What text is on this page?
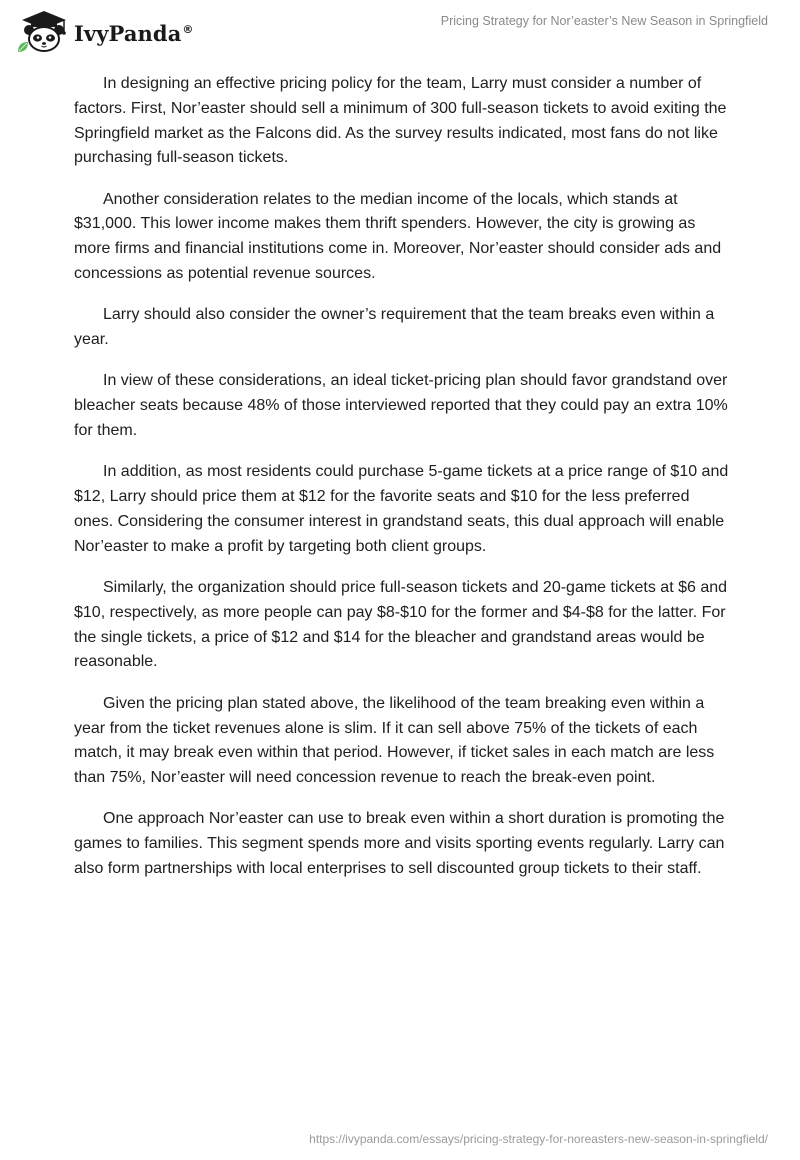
IvyPanda®
Pricing Strategy for Nor’easter’s New Season in Springfield

In designing an effective pricing policy for the team, Larry must consider a number of factors. First, Nor’easter should sell a minimum of 300 full-season tickets to avoid exiting the Springfield market as the Falcons did. As the survey results indicated, most fans do not like purchasing full-season tickets.

Another consideration relates to the median income of the locals, which stands at $31,000. This lower income makes them thrift spenders. However, the city is growing as more firms and financial institutions come in. Moreover, Nor’easter should consider ads and concessions as potential revenue sources.

Larry should also consider the owner’s requirement that the team breaks even within a year.

In view of these considerations, an ideal ticket-pricing plan should favor grandstand over bleacher seats because 48% of those interviewed reported that they could pay an extra 10% for them.

In addition, as most residents could purchase 5-game tickets at a price range of $10 and $12, Larry should price them at $12 for the favorite seats and $10 for the less preferred ones. Considering the consumer interest in grandstand seats, this dual approach will enable Nor’easter to make a profit by targeting both client groups.

Similarly, the organization should price full-season tickets and 20-game tickets at $6 and $10, respectively, as more people can pay $8-$10 for the former and $4-$8 for the latter. For the single tickets, a price of $12 and $14 for the bleacher and grandstand areas would be reasonable.

Given the pricing plan stated above, the likelihood of the team breaking even within a year from the ticket revenues alone is slim. If it can sell above 75% of the tickets of each match, it may break even within that period. However, if ticket sales in each match are less than 75%, Nor’easter will need concession revenue to reach the break-even point.

One approach Nor’easter can use to break even within a short duration is promoting the games to families. This segment spends more and visits sporting events regularly. Larry can also form partnerships with local enterprises to sell discounted group tickets to their staff.

https://ivypanda.com/essays/pricing-strategy-for-noreasters-new-season-in-springfield/
